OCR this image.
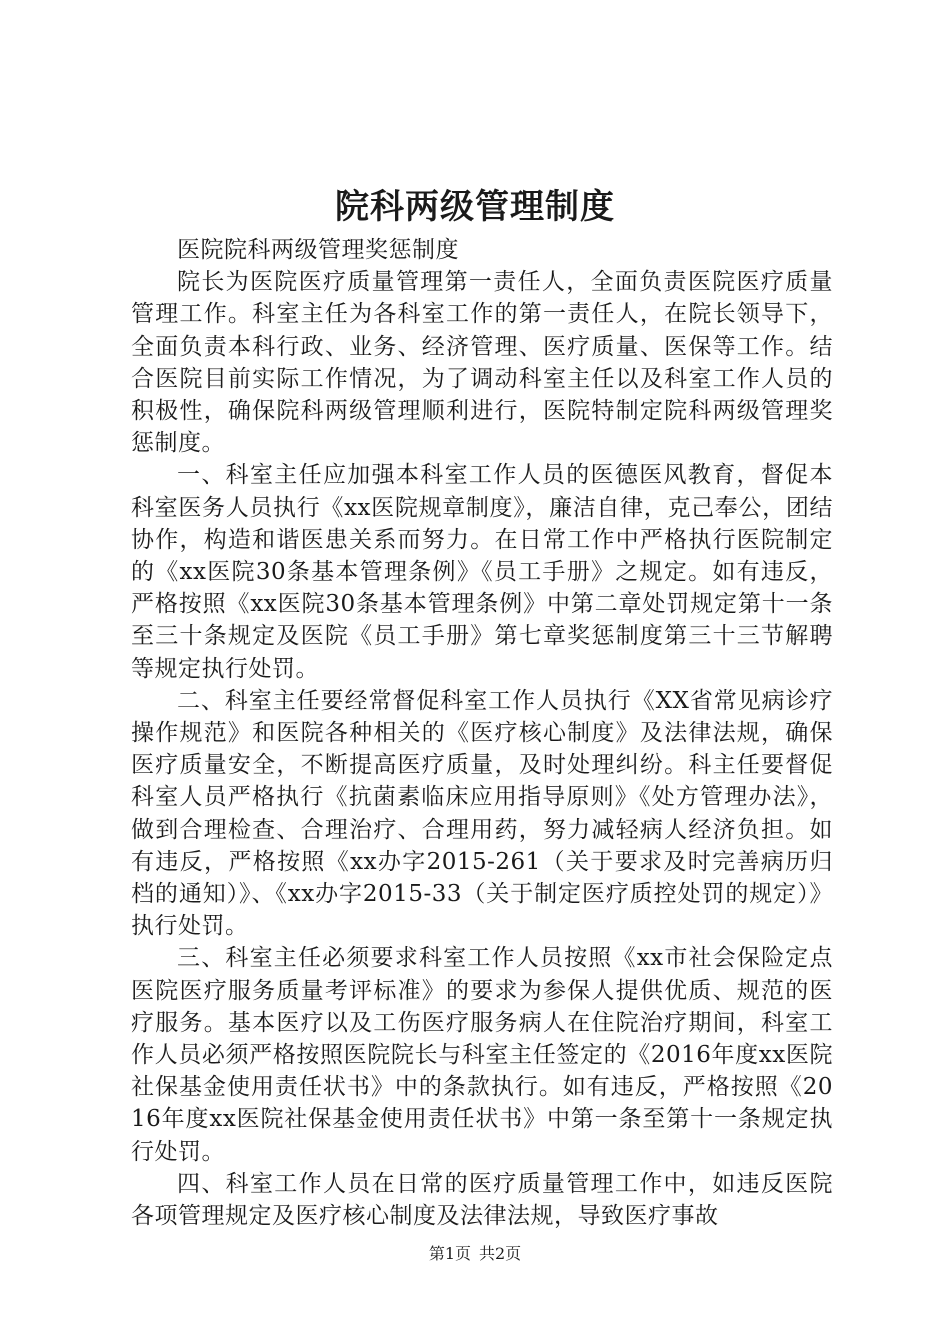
院科两级管理制度

医院院科两级管理奖惩制度

院长为医院医疗质量管理第一责任人，全面负责医院医疗质量管理工作。科室主任为各科室工作的第一责任人，在院长领导下，全面负责本科行政、业务、经济管理、医疗质量、医保等工作。结合医院目前实际工作情况，为了调动科室主任以及科室工作人员的积极性，确保院科两级管理顺利进行，医院特制定院科两级管理奖惩制度。

一、科室主任应加强本科室工作人员的医德医风教育，督促本科室医务人员执行《xx医院规章制度》，廉洁自律，克己奉公，团结协作，构造和谐医患关系而努力。在日常工作中严格执行医院制定的《xx医院30条基本管理条例》《员工手册》之规定。如有违反，严格按照《xx医院30条基本管理条例》中第二章处罚规定第十一条至三十条规定及医院《员工手册》第七章奖惩制度第三十三节解聘等规定执行处罚。

二、科室主任要经常督促科室工作人员执行《XX省常见病诊疗操作规范》和医院各种相关的《医疗核心制度》及法律法规，确保医疗质量安全，不断提高医疗质量，及时处理纠纷。科主任要督促科室人员严格执行《抗菌素临床应用指导原则》《处方管理办法》，做到合理检查、合理治疗、合理用药，努力减轻病人经济负担。如有违反，严格按照《xx办字2015-261（关于要求及时完善病历归档的通知）》、《xx办字2015-33（关于制定医疗质控处罚的规定）》执行处罚。

三、科室主任必须要求科室工作人员按照《xx市社会保险定点医院医疗服务质量考评标准》的要求为参保人提供优质、规范的医疗服务。基本医疗以及工伤医疗服务病人在住院治疗期间，科室工作人员必须严格按照医院院长与科室主任签定的《2016年度xx医院社保基金使用责任状书》中的条款执行。如有违反，严格按照《2016年度xx医院社保基金使用责任状书》中第一条至第十一条规定执行处罚。

四、科室工作人员在日常的医疗质量管理工作中，如违反医院各项管理规定及医疗核心制度及法律法规，导致医疗事故

第1页 共2页
